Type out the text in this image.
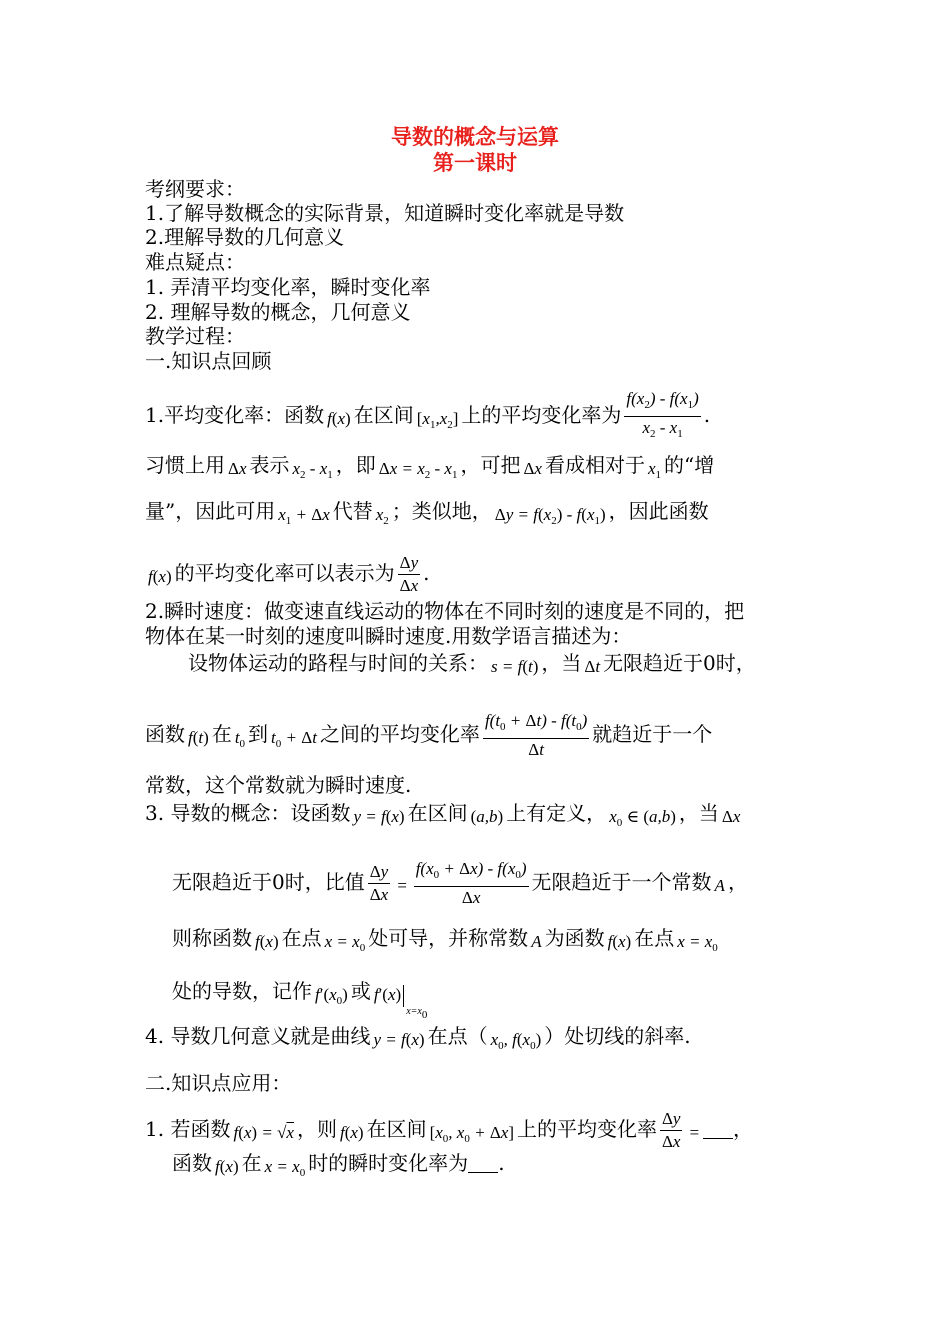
导数的概念与运算
第一课时
考纲要求：
1.了解导数概念的实际背景，知道瞬时变化率就是导数
2.理解导数的几何意义
难点疑点：
1. 弄清平均变化率，瞬时变化率
2. 理解导数的概念，几何意义
教学过程：
一.知识点回顾
1.平均变化率：函数 f(x) 在区间 $[x_1,x_2]$ 上的平均变化率为 $\frac{f(x_2) - f(x_1)}{x_2 - x_1}$ .
习惯上用 Δx 表示 $x_2 - x_1$ ，即 $\Delta x = x_2 - x_1$ ，可把 Δx 看成相对于 $x_1$ 的“增
量”，因此可用 $x_1 + \Delta x$ 代替 $x_2$ ；类似地， $\Delta y = f(x_2) - f(x_1)$ ，因此函数
f(x) 的平均变化率可以表示为 $\frac{\Delta y}{\Delta x}$ .
2.瞬时速度：做变速直线运动的物体在不同时刻的速度是不同的，把
物体在某一时刻的速度叫瞬时速度.用数学语言描述为：
设物体运动的路程与时间的关系： s = f(t) ，当 Δt 无限趋近于0时，
函数 f(t) 在 $t_0$ 到 $t_0 + \Delta t$ 之间的平均变化率 $\frac{f(t_0 + \Delta t) - f(t_0)}{\Delta t}$ 就趋近于一个
常数，这个常数就为瞬时速度.
3. 导数的概念：设函数 y = f(x) 在区间 (a,b) 上有定义， $x_0$ ∈ (a,b) ，当 Δx
无限趋近于0时，比值 $\frac{\Delta y}{\Delta x} = \frac{f(x_0 + \Delta x) - f(x_0)}{\Delta x}$ 无限趋近于一个常数 A ，
则称函数 f(x) 在点 $x = x_0$ 处可导，并称常数 A 为函数 f(x) 在点 $x = x_0$
处的导数，记作 $f'(x_0)$ 或 $f'(x)_{x=x_0}$
4. 导数几何意义就是曲线 y = f(x) 在点（ $x_0$, $f(x_0)$ ）处切线的斜率.
二.知识点应用：
1. 若函数 f(x) = √x ，则 f(x) 在区间 [$x_0$, $x_0 + \Delta x$] 上的平均变化率 $\frac{\Delta y}{\Delta x}$ = ，
函数 f(x) 在 $x = x_0$ 时的瞬时变化率为 .
